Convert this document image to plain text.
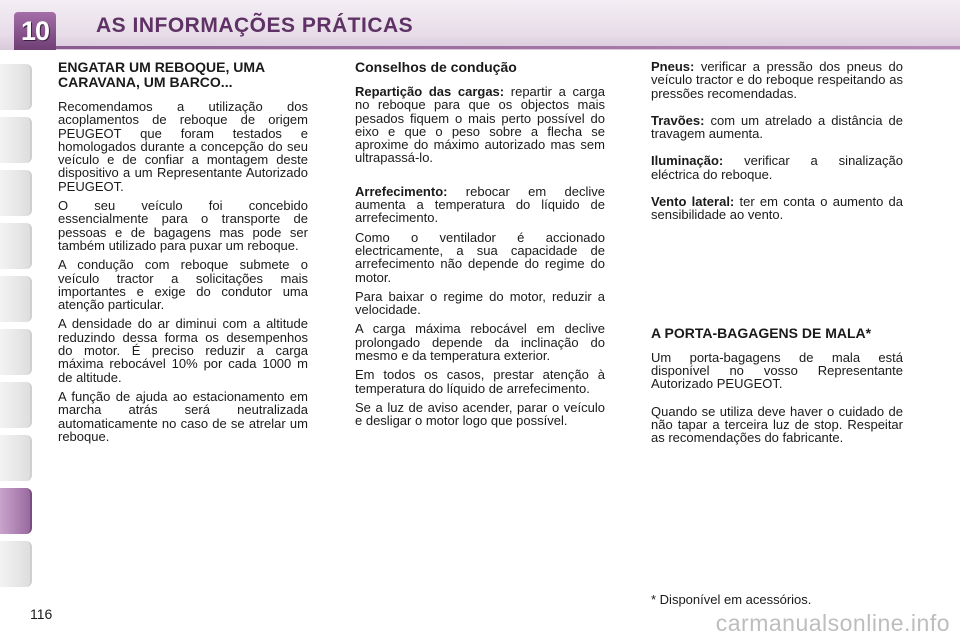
10	AS INFORMAÇÕES PRÁTICAS
ENGATAR UM REBOQUE, UMA CARAVANA, UM BARCO...

Recomendamos a utilização dos acoplamentos de reboque de origem PEUGEOT que foram testados e homologados durante a concepção do seu veículo e de confiar a montagem deste dispositivo a um Representante Autorizado PEUGEOT.

O seu veículo foi concebido essencialmente para o transporte de pessoas e de bagagens mas pode ser também utilizado para puxar um reboque.

A condução com reboque submete o veículo tractor a solicitações mais importantes e exige do condutor uma atenção particular.

A densidade do ar diminui com a altitude reduzindo dessa forma os desempenhos do motor. É preciso reduzir a carga máxima rebocável 10% por cada 1000 m de altitude.

A função de ajuda ao estacionamento em marcha atrás será neutralizada automaticamente no caso de se atrelar um reboque.

Conselhos de condução

Repartição das cargas: repartir a carga no reboque para que os objectos mais pesados fiquem o mais perto possível do eixo e que o peso sobre a flecha se aproxime do máximo autorizado mas sem ultrapassá-lo.

Arrefecimento: rebocar em declive aumenta a temperatura do líquido de arrefecimento.

Como o ventilador é accionado electricamente, a sua capacidade de arrefecimento não depende do regime do motor.

Para baixar o regime do motor, reduzir a velocidade.

A carga máxima rebocável em declive prolongado depende da inclinação do mesmo e da temperatura exterior.

Em todos os casos, prestar atenção à temperatura do líquido de arrefecimento.

Se a luz de aviso acender, parar o veículo e desligar o motor logo que possível.

Pneus: verificar a pressão dos pneus do veículo tractor e do reboque respeitando as pressões recomendadas.

Travões: com um atrelado a distância de travagem aumenta.

Iluminação: verificar a sinalização eléctrica do reboque.

Vento lateral: ter em conta o aumento da sensibilidade ao vento.

A PORTA-BAGAGENS DE MALA*

Um porta-bagagens de mala está disponível no vosso Representante Autorizado PEUGEOT.

Quando se utiliza deve haver o cuidado de não tapar a terceira luz de stop. Respeitar as recomendações do fabricante.

* Disponível em acessórios.
116	carmanualsonline.info
